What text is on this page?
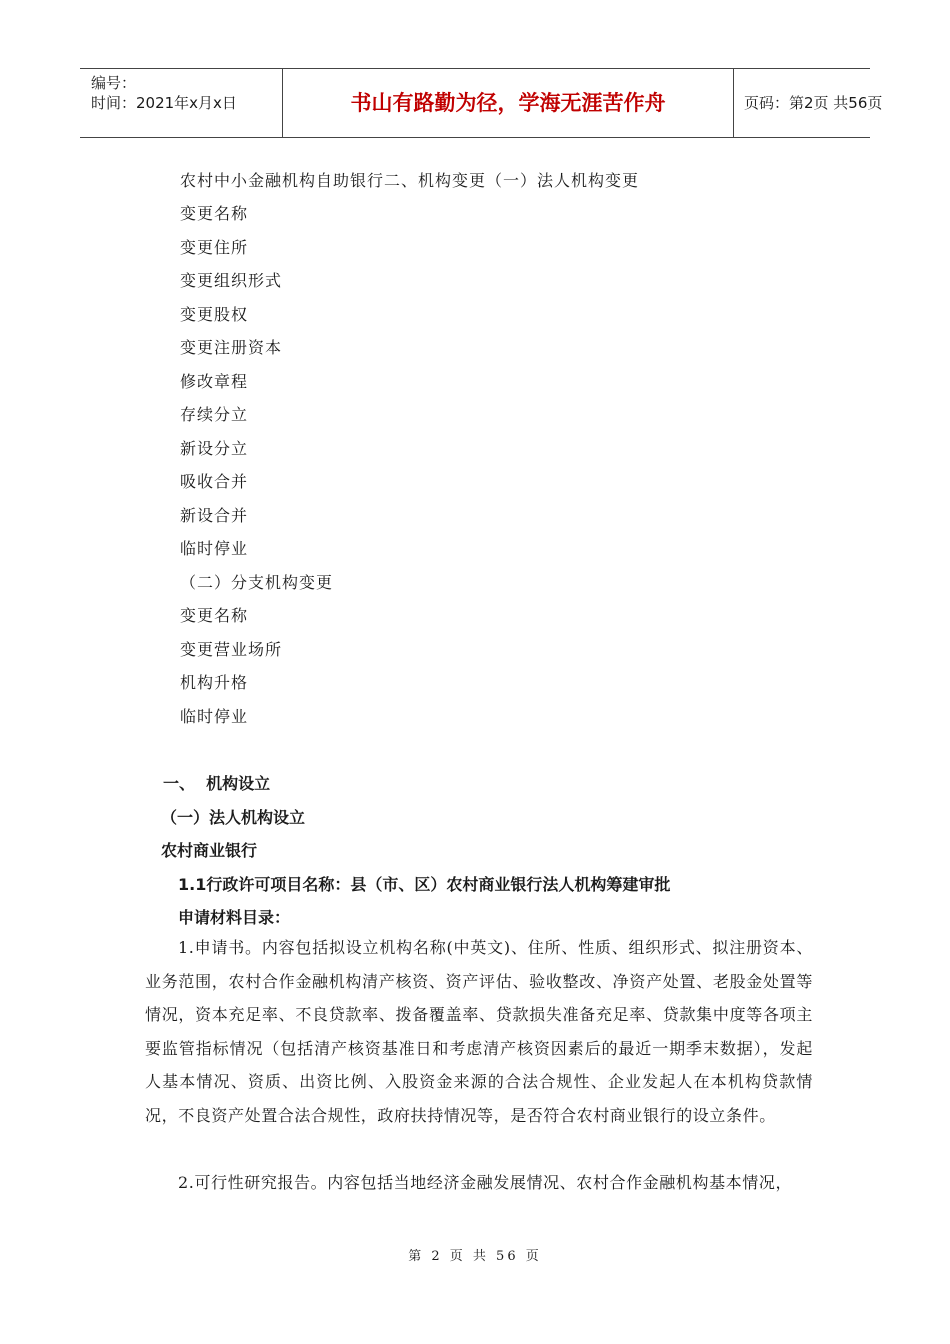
编号：
时间：2021年x月x日	书山有路勤为径，学海无涯苦作舟	页码：第2页 共56页
农村中小金融机构自助银行二、机构变更（一）法人机构变更
变更名称
变更住所
变更组织形式
变更股权
变更注册资本
修改章程
存续分立
新设分立
吸收合并
新设合并
临时停业
（二）分支机构变更
变更名称
变更营业场所
机构升格
临时停业
一、  机构设立
（一）法人机构设立
农村商业银行
1.1行政许可项目名称：县（市、区）农村商业银行法人机构筹建审批
申请材料目录：
1.申请书。内容包括拟设立机构名称(中英文)、住所、性质、组织形式、拟注册资本、业务范围，农村合作金融机构清产核资、资产评估、验收整改、净资产处置、老股金处置等情况，资本充足率、不良贷款率、拨备覆盖率、贷款损失准备充足率、贷款集中度等各项主要监管指标情况（包括清产核资基准日和考虑清产核资因素后的最近一期季末数据），发起人基本情况、资质、出资比例、入股资金来源的合法合规性、企业发起人在本机构贷款情况，不良资产处置合法合规性，政府扶持情况等，是否符合农村商业银行的设立条件。
2.可行性研究报告。内容包括当地经济金融发展情况、农村合作金融机构基本情况，
第 2 页 共 56 页
